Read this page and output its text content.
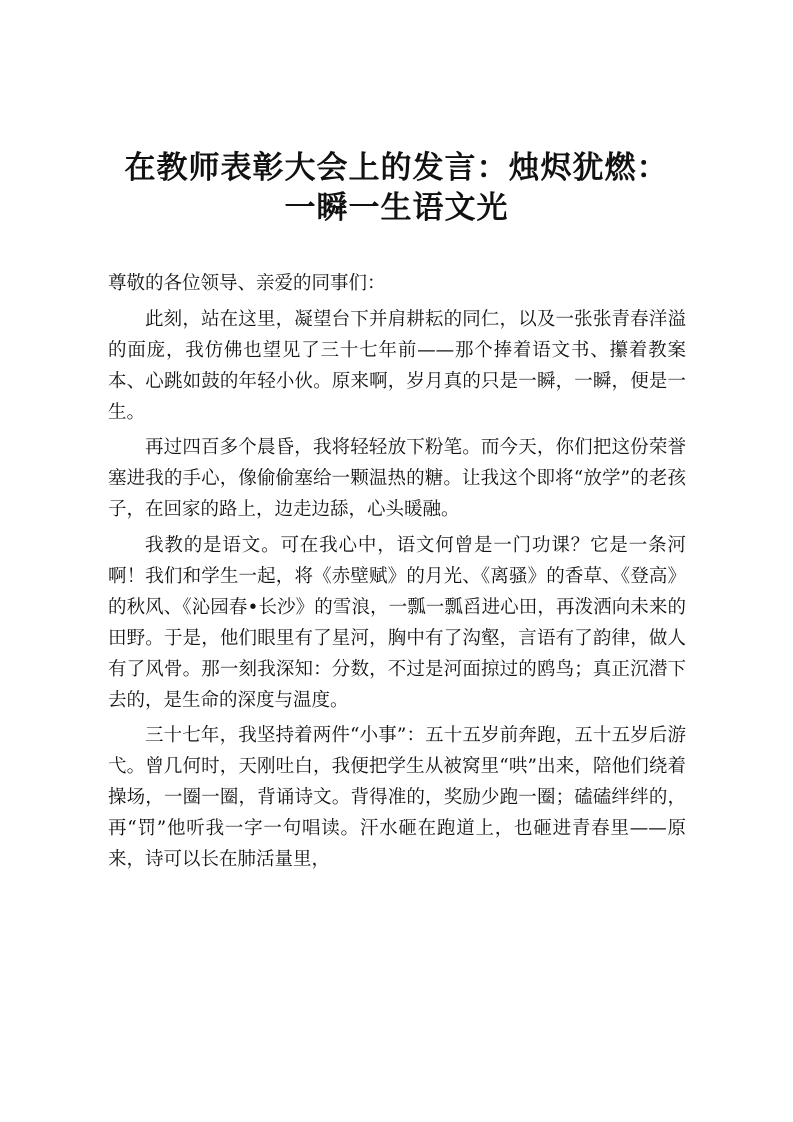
在教师表彰大会上的发言：烛烬犹燃：
一瞬一生语文光

尊敬的各位领导、亲爱的同事们：

此刻，站在这里，凝望台下并肩耕耘的同仁，以及一张张青春洋溢的面庞，我仿佛也望见了三十七年前——那个捧着语文书、攥着教案本、心跳如鼓的年轻小伙。原来啊，岁月真的只是一瞬，一瞬，便是一生。

再过四百多个晨昏，我将轻轻放下粉笔。而今天，你们把这份荣誉塞进我的手心，像偷偷塞给一颗温热的糖。让我这个即将“放学”的老孩子，在回家的路上，边走边舔，心头暖融。

我教的是语文。可在我心中，语文何曾是一门功课？它是一条河啊！我们和学生一起，将《赤壁赋》的月光、《离骚》的香草、《登高》的秋风、《沁园春•长沙》的雪浪，一瓢一瓢舀进心田，再泼洒向未来的田野。于是，他们眼里有了星河，胸中有了沟壑，言语有了韵律，做人有了风骨。那一刻我深知：分数，不过是河面掠过的鸥鸟；真正沉潜下去的，是生命的深度与温度。

三十七年，我坚持着两件“小事”：五十五岁前奔跑，五十五岁后游弋。曾几何时，天刚吐白，我便把学生从被窝里“哄”出来，陪他们绕着操场，一圈一圈，背诵诗文。背得准的，奖励少跑一圈；磕磕绊绊的，再“罚”他听我一字一句唱读。汗水砸在跑道上，也砸进青春里——原来，诗可以长在肺活量里，
